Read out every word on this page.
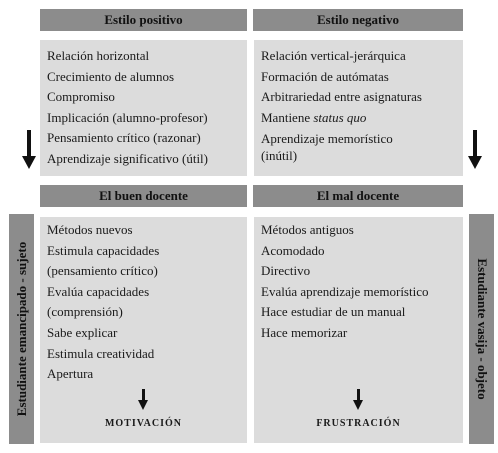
Estilo positivo	Estilo negativo
Relación horizontal
Crecimiento de alumnos
Compromiso
Implicación (alumno-profesor)
Pensamiento crítico (razonar)
Aprendizaje significativo (útil)
Relación vertical-jerárquica
Formación de autómatas
Arbitrariedad entre asignaturas
Mantiene status quo
Aprendizaje memorístico
(inútil)
El buen docente	El mal docente
Estudiante emancipado - sujeto	Estudiante vasija - objeto
Métodos nuevos
Estimula capacidades
(pensamiento crítico)
Evalúa capacidades
(comprensión)
Sabe explicar
Estimula creatividad
Apertura
MOTIVACIÓN
Métodos antiguos
Acomodado
Directivo
Evalúa aprendizaje memorístico
Hace estudiar de un manual
Hace memorizar
FRUSTRACIÓN
